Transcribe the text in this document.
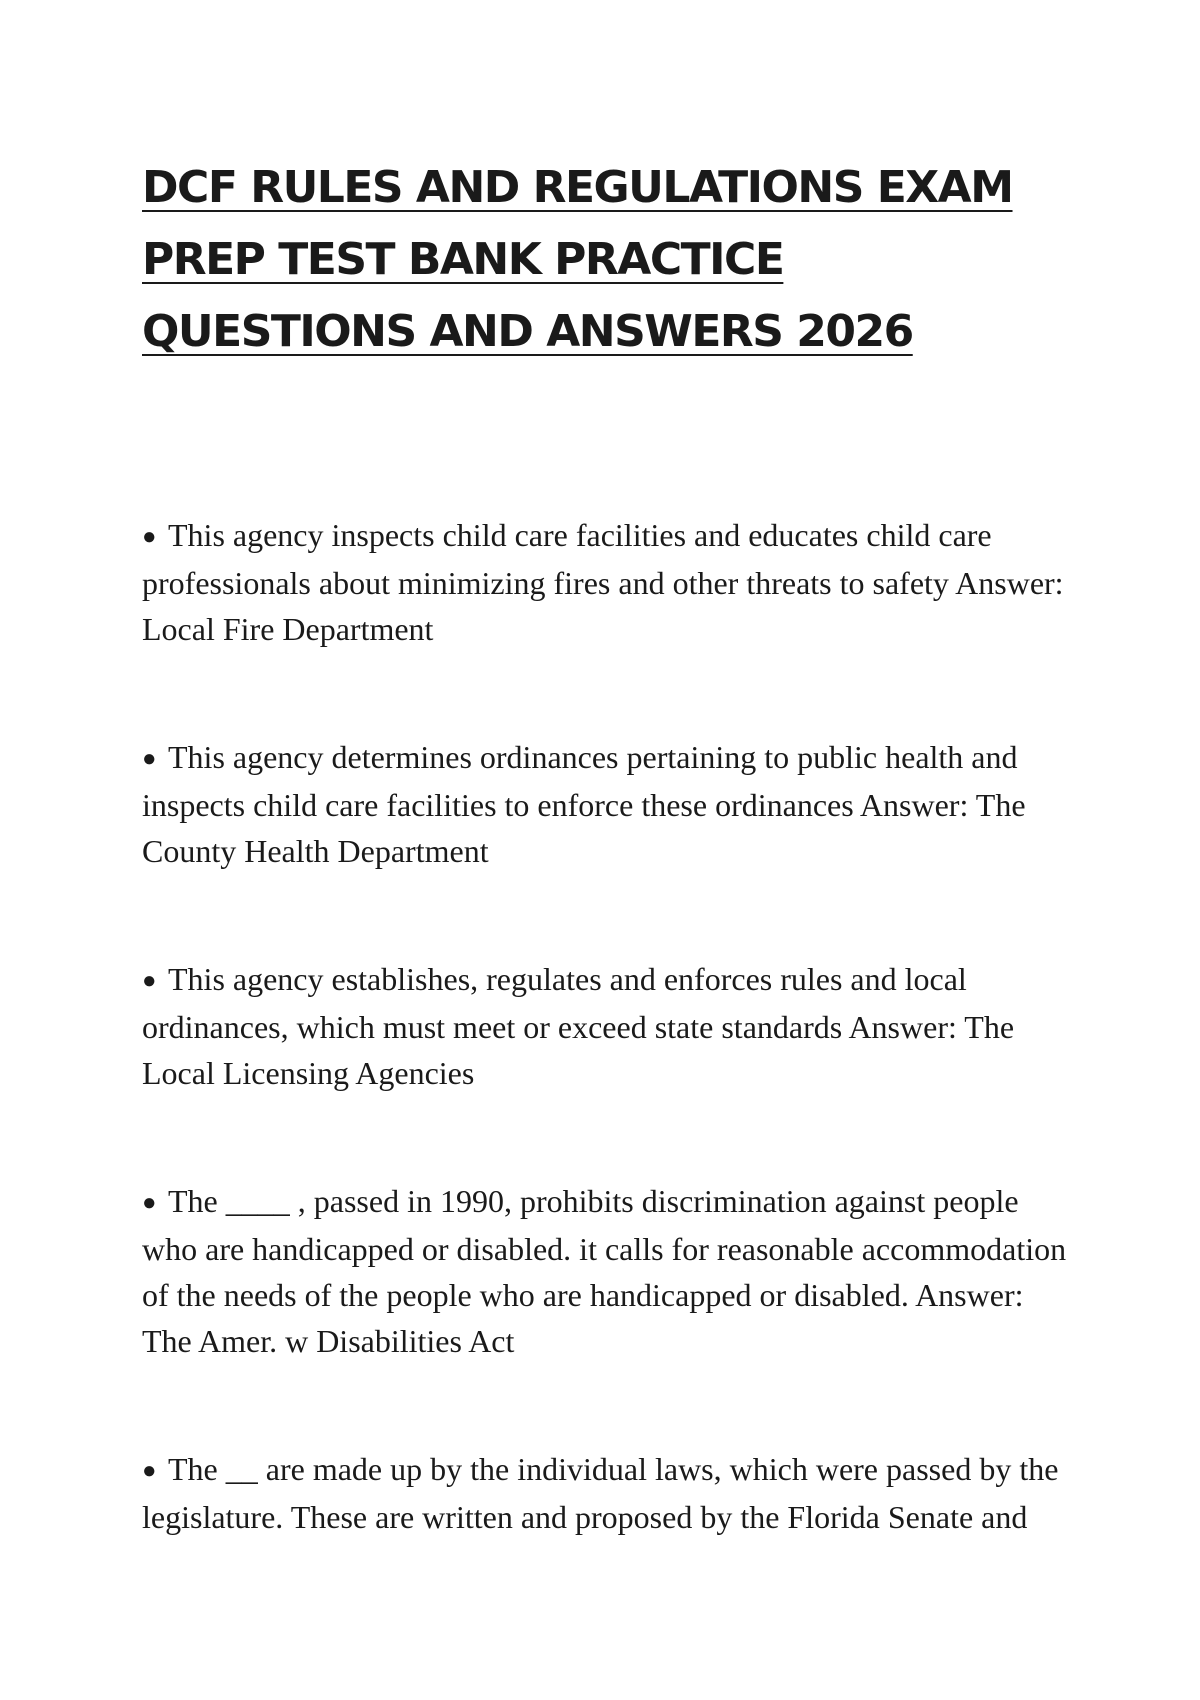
DCF RULES AND REGULATIONS EXAM PREP TEST BANK PRACTICE QUESTIONS AND ANSWERS 2026
● This agency inspects child care facilities and educates child care professionals about minimizing fires and other threats to safety Answer: Local Fire Department
● This agency determines ordinances pertaining to public health and inspects child care facilities to enforce these ordinances Answer: The County Health Department
● This agency establishes, regulates and enforces rules and local ordinances, which must meet or exceed state standards Answer: The Local Licensing Agencies
● The ____ , passed in 1990, prohibits discrimination against people who are handicapped or disabled. it calls for reasonable accommodation of the needs of the people who are handicapped or disabled. Answer: The Amer. w Disabilities Act
● The __ are made up by the individual laws, which were passed by the legislature. These are written and proposed by the Florida Senate and
